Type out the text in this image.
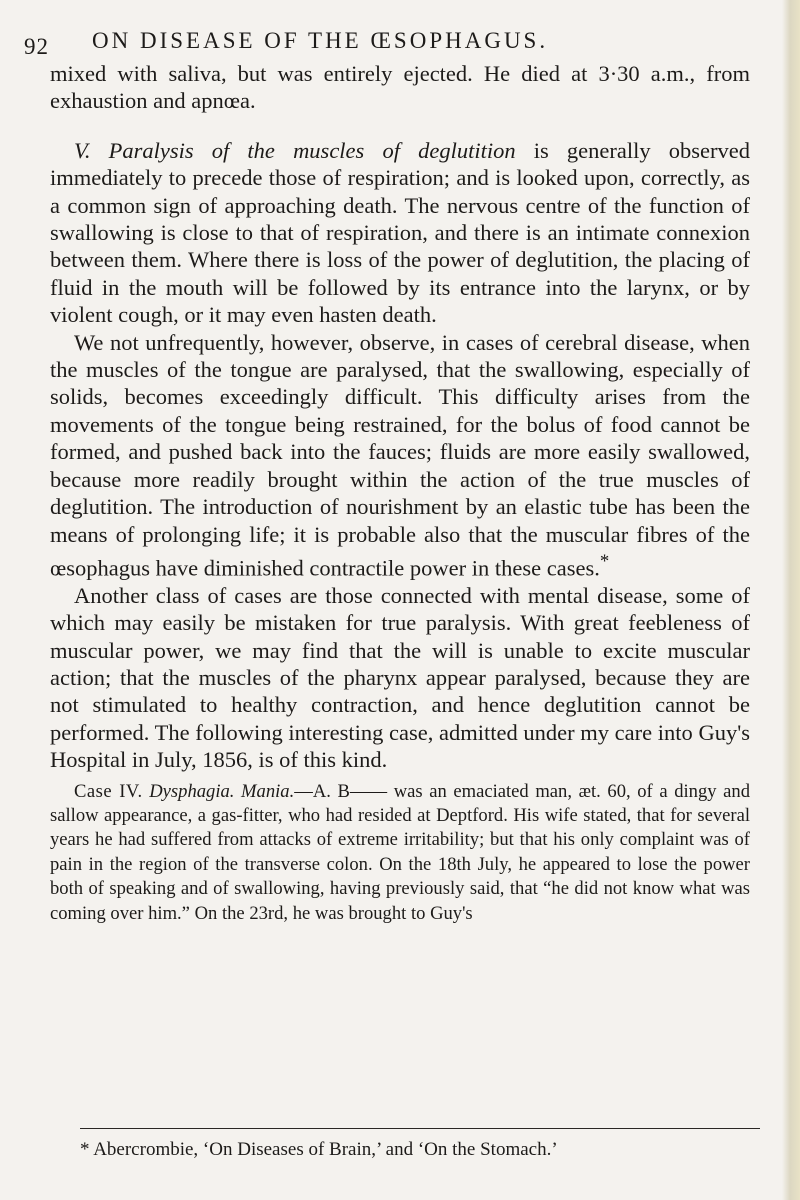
92 ON DISEASE OF THE ŒSOPHAGUS.

mixed with saliva, but was entirely ejected. He died at 3·30 a.m., from exhaustion and apnœa.

V. Paralysis of the muscles of deglutition is generally observed immediately to precede those of respiration; and is looked upon, correctly, as a common sign of approaching death. The nervous centre of the function of swallowing is close to that of respiration, and there is an intimate connexion between them. Where there is loss of the power of deglutition, the placing of fluid in the mouth will be followed by its entrance into the larynx, or by violent cough, or it may even hasten death.

We not unfrequently, however, observe, in cases of cerebral disease, when the muscles of the tongue are paralysed, that the swallowing, especially of solids, becomes exceedingly difficult. This difficulty arises from the movements of the tongue being restrained, for the bolus of food cannot be formed, and pushed back into the fauces; fluids are more easily swallowed, because more readily brought within the action of the true muscles of deglutition. The introduction of nourishment by an elastic tube has been the means of prolonging life; it is probable also that the muscular fibres of the œsophagus have diminished contractile power in these cases.*

Another class of cases are those connected with mental disease, some of which may easily be mistaken for true paralysis. With great feebleness of muscular power, we may find that the will is unable to excite muscular action; that the muscles of the pharynx appear paralysed, because they are not stimulated to healthy contraction, and hence deglutition cannot be performed. The following interesting case, admitted under my care into Guy's Hospital in July, 1856, is of this kind.

Case IV. Dysphagia. Mania.—A. B—— was an emaciated man, æt. 60, of a dingy and sallow appearance, a gas-fitter, who had resided at Deptford. His wife stated, that for several years he had suffered from attacks of extreme irritability; but that his only complaint was of pain in the region of the transverse colon. On the 18th July, he appeared to lose the power both of speaking and of swallowing, having previously said, that “he did not know what was coming over him.” On the 23rd, he was brought to Guy's

* Abercrombie, ‘On Diseases of Brain,’ and ‘On the Stomach.’
